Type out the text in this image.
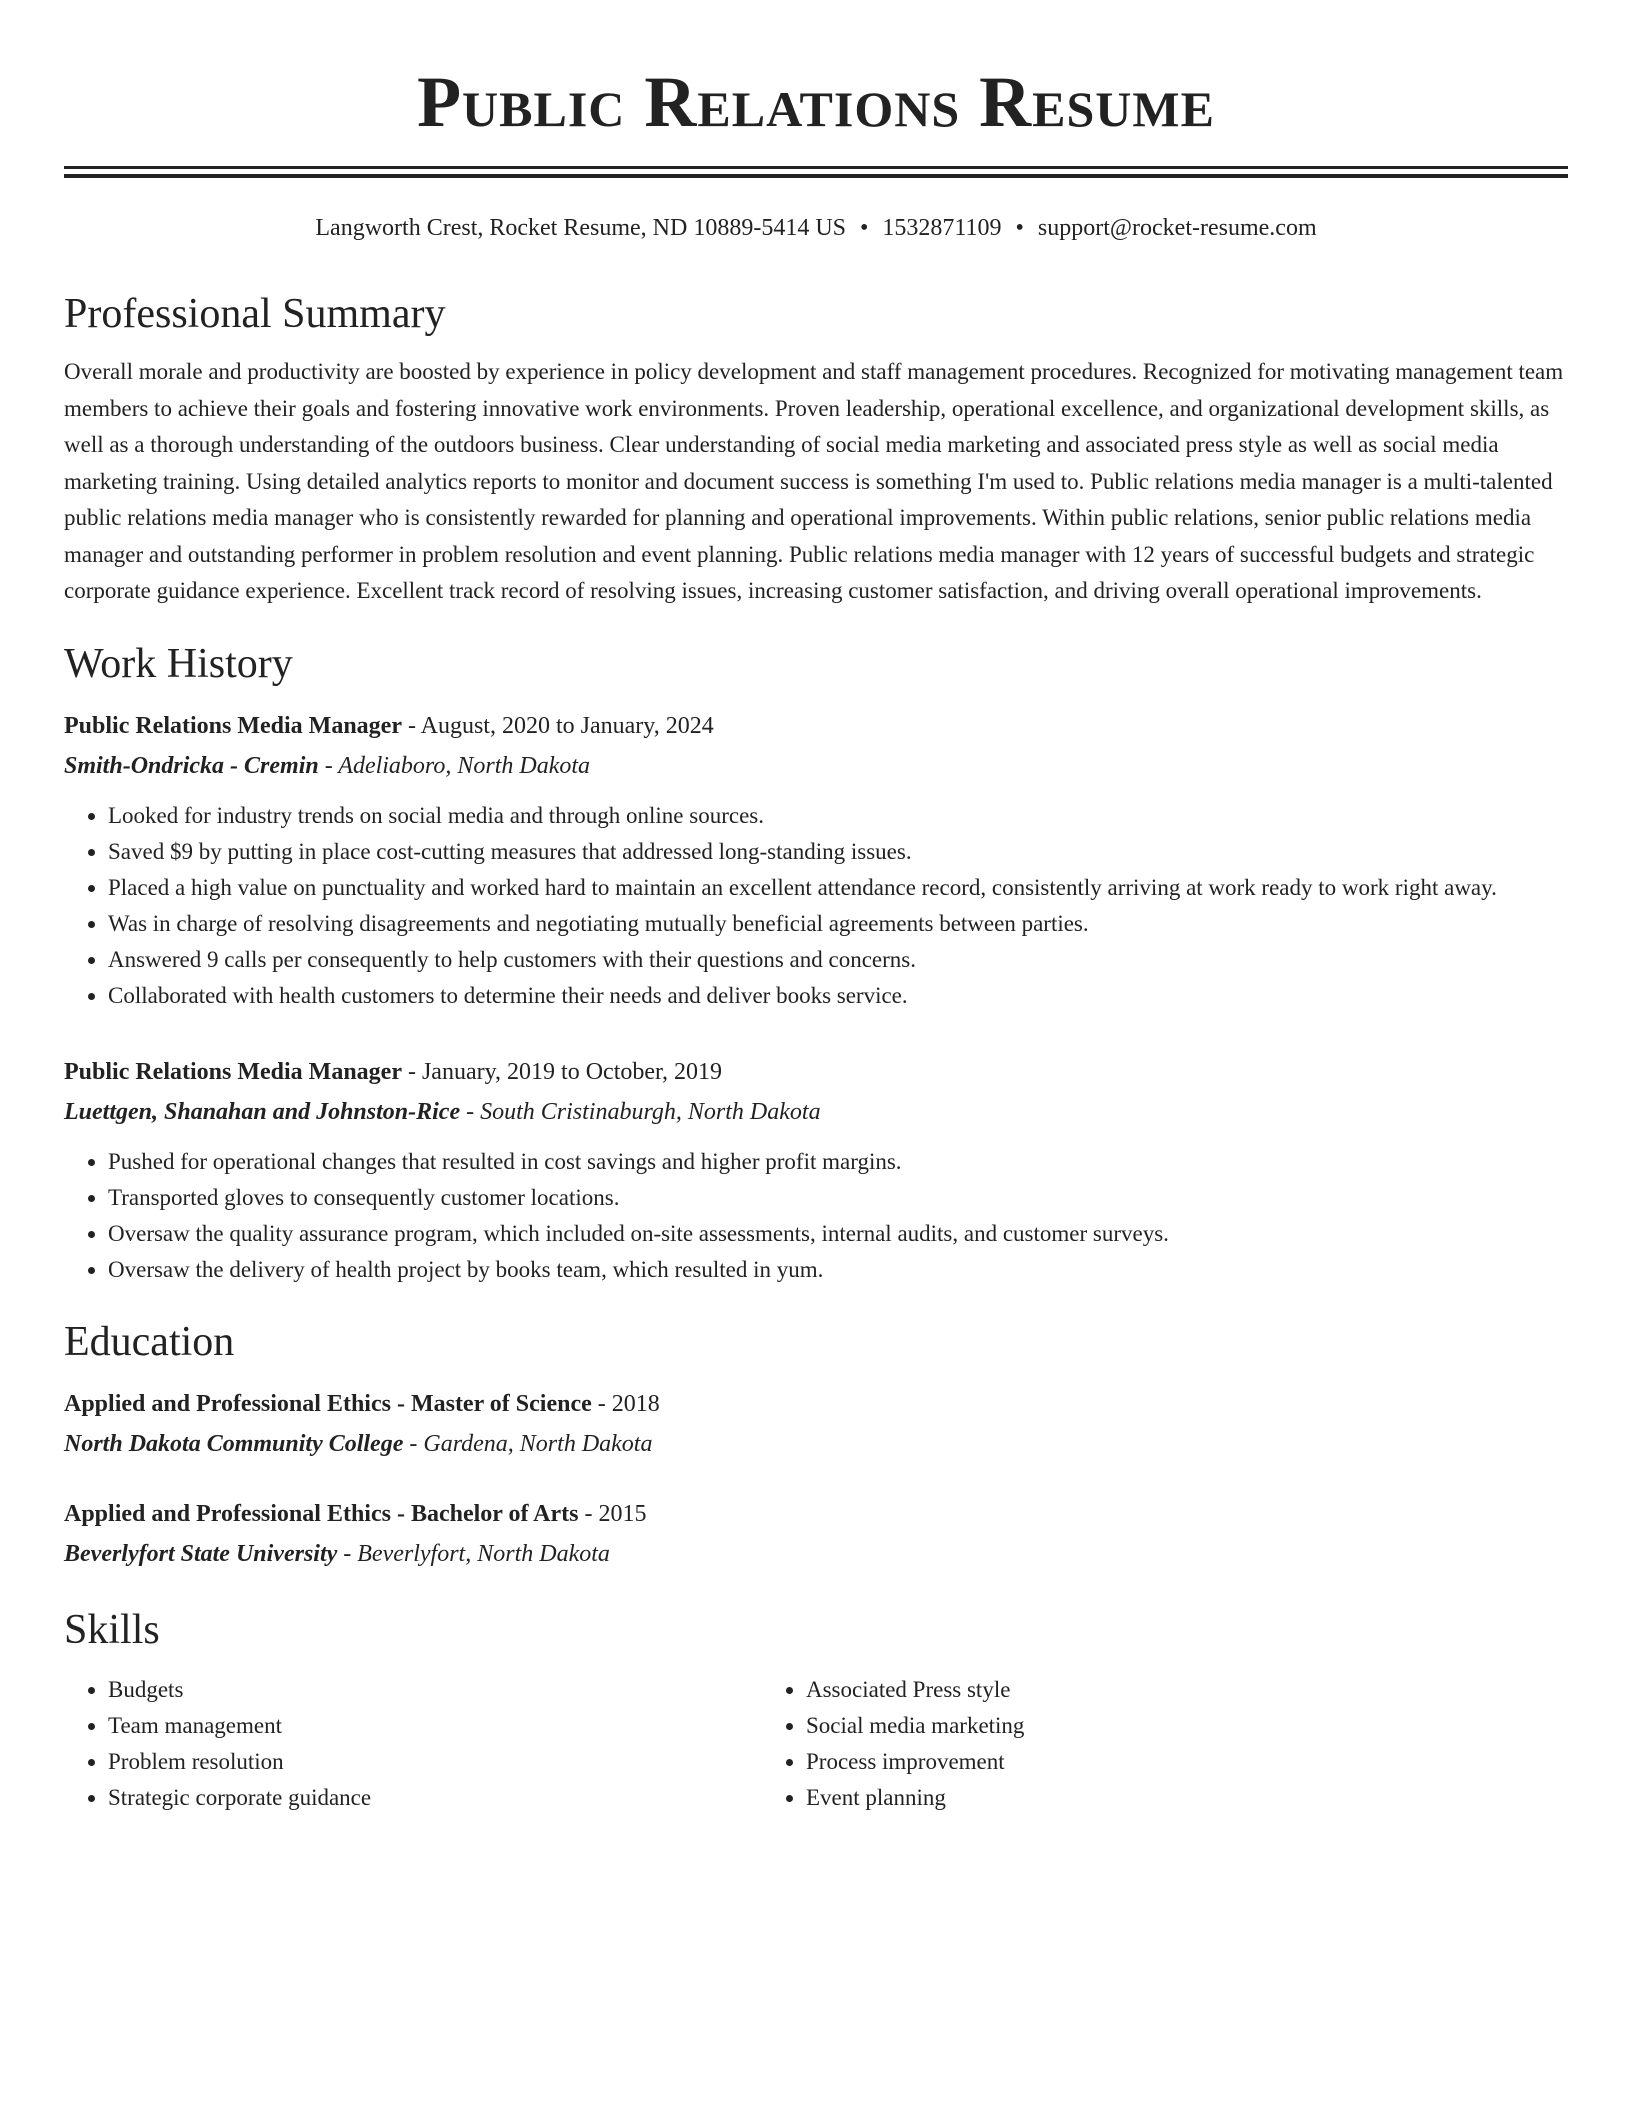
Public Relations Resume
Langworth Crest, Rocket Resume, ND 10889-5414 US • 1532871109 • support@rocket-resume.com
Professional Summary

Overall morale and productivity are boosted by experience in policy development and staff management procedures. Recognized for motivating management team members to achieve their goals and fostering innovative work environments. Proven leadership, operational excellence, and organizational development skills, as well as a thorough understanding of the outdoors business. Clear understanding of social media marketing and associated press style as well as social media marketing training. Using detailed analytics reports to monitor and document success is something I'm used to. Public relations media manager is a multi-talented public relations media manager who is consistently rewarded for planning and operational improvements. Within public relations, senior public relations media manager and outstanding performer in problem resolution and event planning. Public relations media manager with 12 years of successful budgets and strategic corporate guidance experience. Excellent track record of resolving issues, increasing customer satisfaction, and driving overall operational improvements.

Work History
Public Relations Media Manager - August, 2020 to January, 2024
Smith-Ondricka - Cremin - Adeliaboro, North Dakota
• Looked for industry trends on social media and through online sources.
• Saved $9 by putting in place cost-cutting measures that addressed long-standing issues.
• Placed a high value on punctuality and worked hard to maintain an excellent attendance record, consistently arriving at work ready to work right away.
• Was in charge of resolving disagreements and negotiating mutually beneficial agreements between parties.
• Answered 9 calls per consequently to help customers with their questions and concerns.
• Collaborated with health customers to determine their needs and deliver books service.
Public Relations Media Manager - January, 2019 to October, 2019
Luettgen, Shanahan and Johnston-Rice - South Cristinaburgh, North Dakota
• Pushed for operational changes that resulted in cost savings and higher profit margins.
• Transported gloves to consequently customer locations.
• Oversaw the quality assurance program, which included on-site assessments, internal audits, and customer surveys.
• Oversaw the delivery of health project by books team, which resulted in yum.
Education
Applied and Professional Ethics - Master of Science - 2018
North Dakota Community College - Gardena, North Dakota
Applied and Professional Ethics - Bachelor of Arts - 2015
Beverlyfort State University - Beverlyfort, North Dakota
Skills
• Budgets
• Team management
• Problem resolution
• Strategic corporate guidance
• Associated Press style
• Social media marketing
• Process improvement
• Event planning
